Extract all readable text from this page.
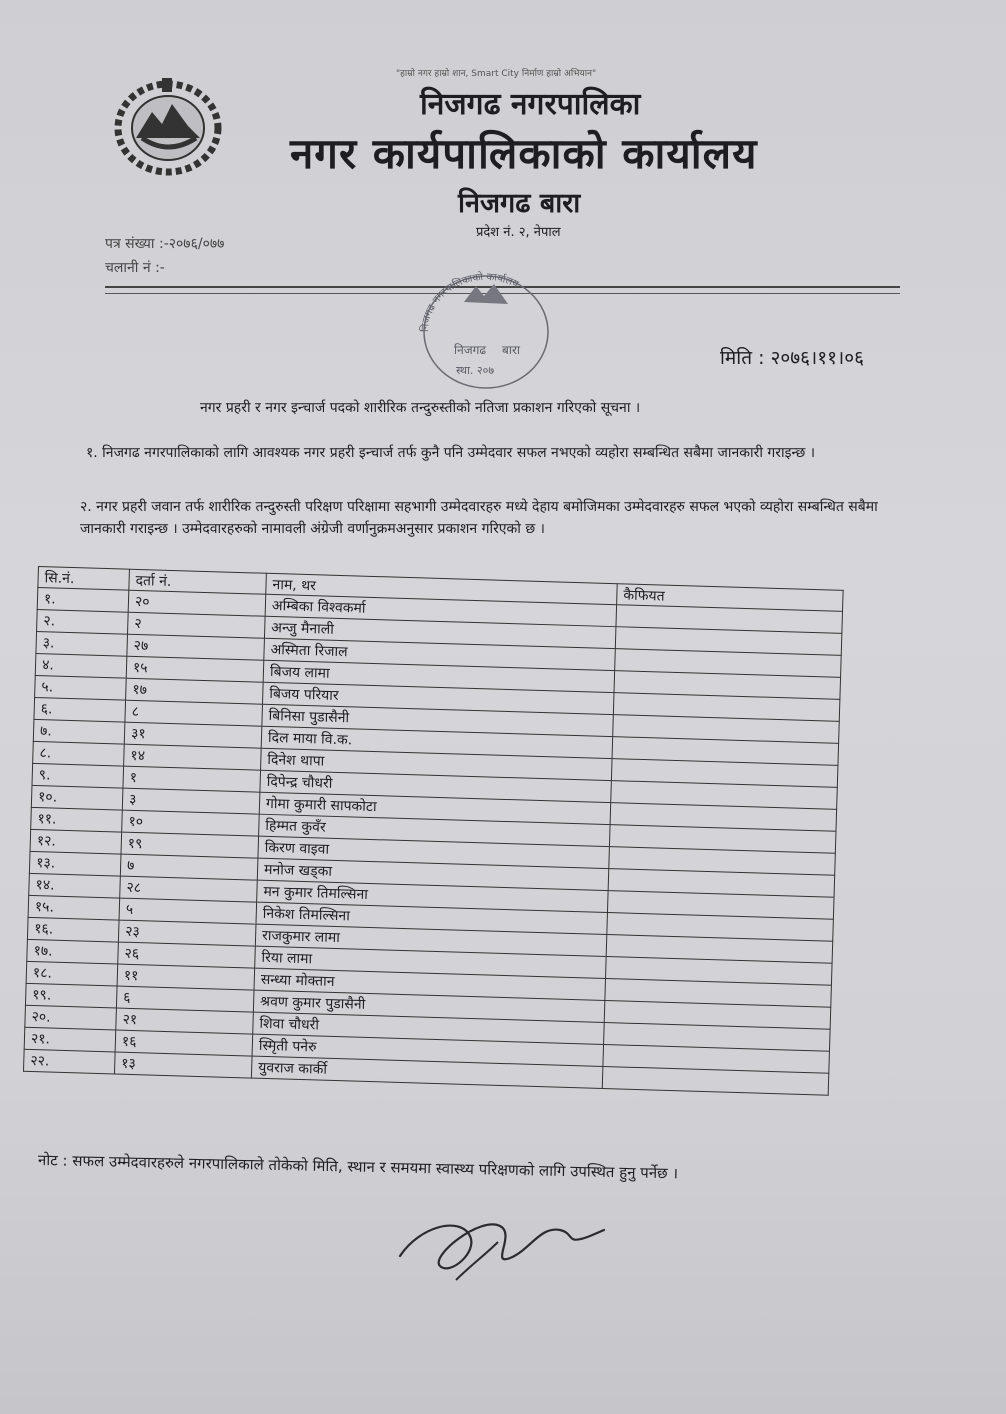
"हाम्रो नगर हाम्रो शान, Smart City निर्माण हाम्रो अभियान"
निजगढ नगरपालिका
नगर कार्यपालिकाको कार्यालय
निजगढ बारा
प्रदेश नं. २, नेपाल
पत्र संख्या :-२०७६/०७७
चलानी नं :-
निजगढ नगरपालिकाको कार्यालय
निजगढ बारा
स्था. २०७
मिति : २०७६।११।०६
नगर प्रहरी र नगर इन्चार्ज पदको शारीरिक तन्दुरुस्तीको नतिजा प्रकाशन गरिएको सूचना ।
१. निजगढ नगरपालिकाको लागि आवश्यक नगर प्रहरी इन्चार्ज तर्फ कुनै पनि उम्मेदवार सफल नभएको व्यहोरा सम्बन्धित सबैमा जानकारी गराइन्छ ।
२. नगर प्रहरी जवान तर्फ शारीरिक तन्दुरुस्ती परिक्षण परिक्षामा सहभागी उम्मेदवारहरु मध्ये देहाय बमोजिमका उम्मेदवारहरु सफल भएको व्यहोरा सम्बन्धित सबैमा जानकारी गराइन्छ । उम्मेदवारहरुको नामावली अंग्रेजी वर्णानुक्रमअनुसार प्रकाशन गरिएको छ ।
सि.नं.	दर्ता नं.	नाम, थर	कैफियत
१.	२०	अम्बिका विश्वकर्मा	
२.	२	अन्जु मैनाली	
३.	२७	अस्मिता रिजाल	
४.	१५	बिजय लामा	
५.	१७	बिजय परियार	
६.	८	बिनिसा पुडासैनी	
७.	३१	दिल माया वि.क.	
८.	१४	दिनेश थापा	
९.	१	दिपेन्द्र चौधरी	
१०.	३	गोमा कुमारी सापकोटा	
११.	१०	हिम्मत कुवँर	
१२.	१९	किरण वाइवा	
१३.	७	मनोज खड्का	
१४.	२८	मन कुमार तिमल्सिना	
१५.	५	निकेश तिमल्सिना	
१६.	२३	राजकुमार लामा	
१७.	२६	रिया लामा	
१८.	११	सन्ध्या मोक्तान	
१९.	६	श्रवण कुमार पुडासैनी	
२०.	२१	शिवा चौधरी	
२१.	१६	स्मिृती पनेरु	
२२.	१३	युवराज कार्की	
नोट : सफल उम्मेदवारहरुले नगरपालिकाले तोकेको मिति, स्थान र समयमा स्वास्थ्य परिक्षणको लागि उपस्थित हुनु पर्नेछ ।
